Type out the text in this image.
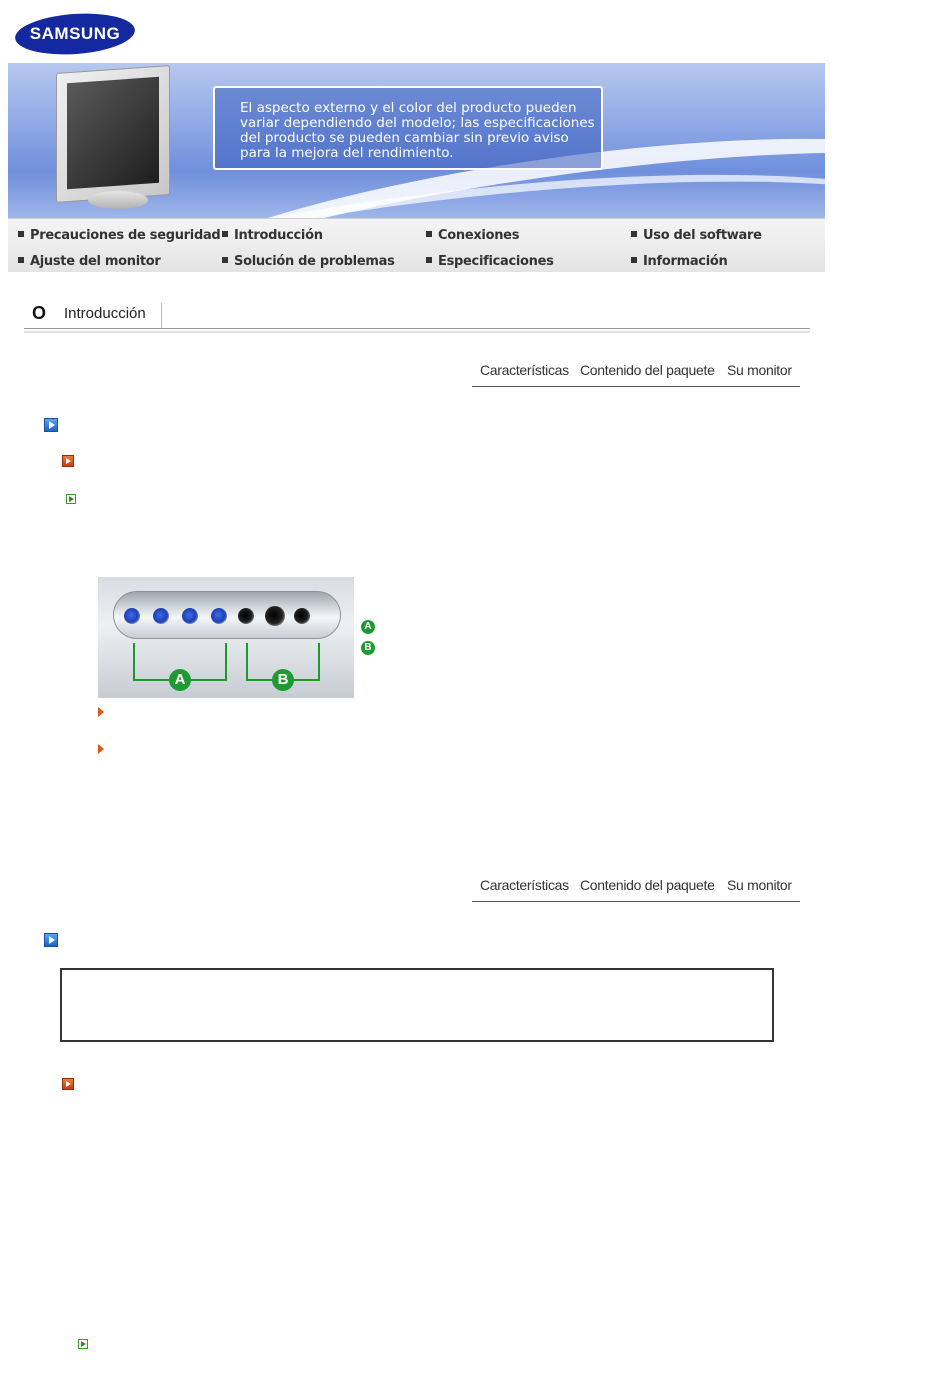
SAMSUNG
El aspecto externo y el color del producto pueden variar dependiendo del modelo; las especificaciones del producto se pueden cambiar sin previo aviso para la mejora del rendimiento.
Precauciones de seguridad	Introducción	Conexiones	Uso del software
Ajuste del monitor	Solución de problemas	Especificaciones	Información
O Introducción
Características Contenido del paquete Su monitor
A	B
A
B
Características Contenido del paquete Su monitor
